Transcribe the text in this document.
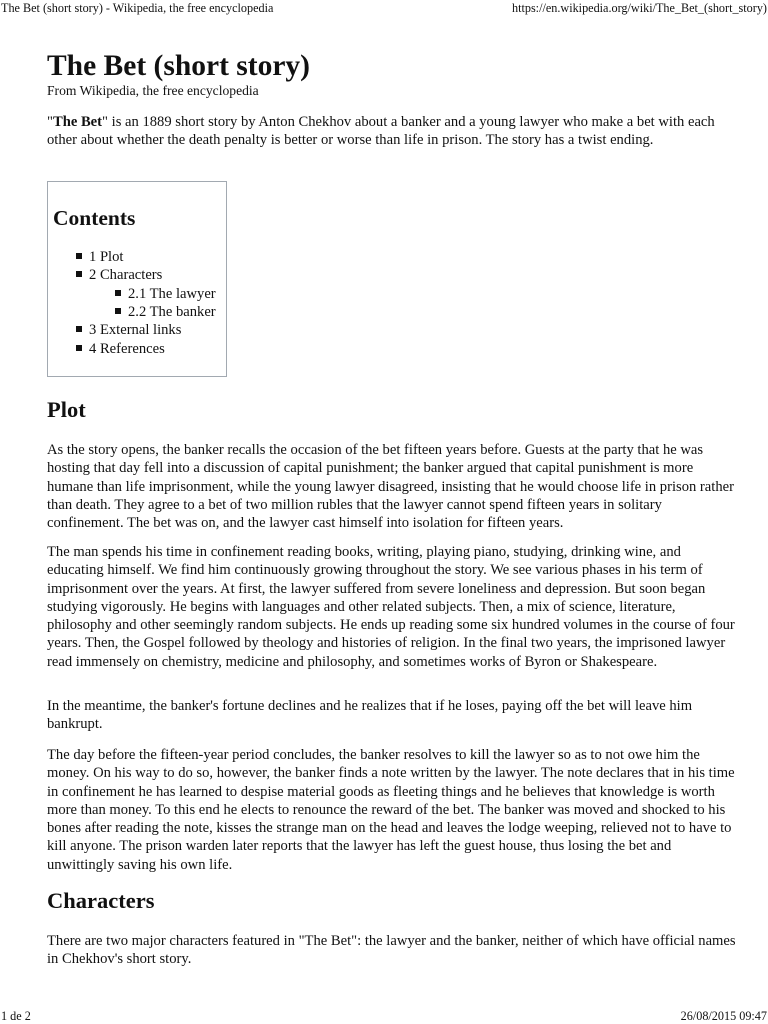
The Bet (short story) - Wikipedia, the free encyclopedia	https://en.wikipedia.org/wiki/The_Bet_(short_story)
The Bet (short story)
From Wikipedia, the free encyclopedia

"The Bet" is an 1889 short story by Anton Chekhov about a banker and a young lawyer who make a bet with each other about whether the death penalty is better or worse than life in prison. The story has a twist ending.

Contents
1 Plot
2 Characters
2.1 The lawyer
2.2 The banker
3 External links
4 References
Plot

As the story opens, the banker recalls the occasion of the bet fifteen years before. Guests at the party that he was hosting that day fell into a discussion of capital punishment; the banker argued that capital punishment is more humane than life imprisonment, while the young lawyer disagreed, insisting that he would choose life in prison rather than death. They agree to a bet of two million rubles that the lawyer cannot spend fifteen years in solitary confinement. The bet was on, and the lawyer cast himself into isolation for fifteen years.

The man spends his time in confinement reading books, writing, playing piano, studying, drinking wine, and educating himself. We find him continuously growing throughout the story. We see various phases in his term of imprisonment over the years. At first, the lawyer suffered from severe loneliness and depression. But soon began studying vigorously. He begins with languages and other related subjects. Then, a mix of science, literature, philosophy and other seemingly random subjects. He ends up reading some six hundred volumes in the course of four years. Then, the Gospel followed by theology and histories of religion. In the final two years, the imprisoned lawyer read immensely on chemistry, medicine and philosophy, and sometimes works of Byron or Shakespeare.

In the meantime, the banker's fortune declines and he realizes that if he loses, paying off the bet will leave him bankrupt.

The day before the fifteen-year period concludes, the banker resolves to kill the lawyer so as to not owe him the money. On his way to do so, however, the banker finds a note written by the lawyer. The note declares that in his time in confinement he has learned to despise material goods as fleeting things and he believes that knowledge is worth more than money. To this end he elects to renounce the reward of the bet. The banker was moved and shocked to his bones after reading the note, kisses the strange man on the head and leaves the lodge weeping, relieved not to have to kill anyone. The prison warden later reports that the lawyer has left the guest house, thus losing the bet and unwittingly saving his own life.

Characters

There are two major characters featured in "The Bet": the lawyer and the banker, neither of which have official names in Chekhov's short story.

1 de 2	26/08/2015 09:47
